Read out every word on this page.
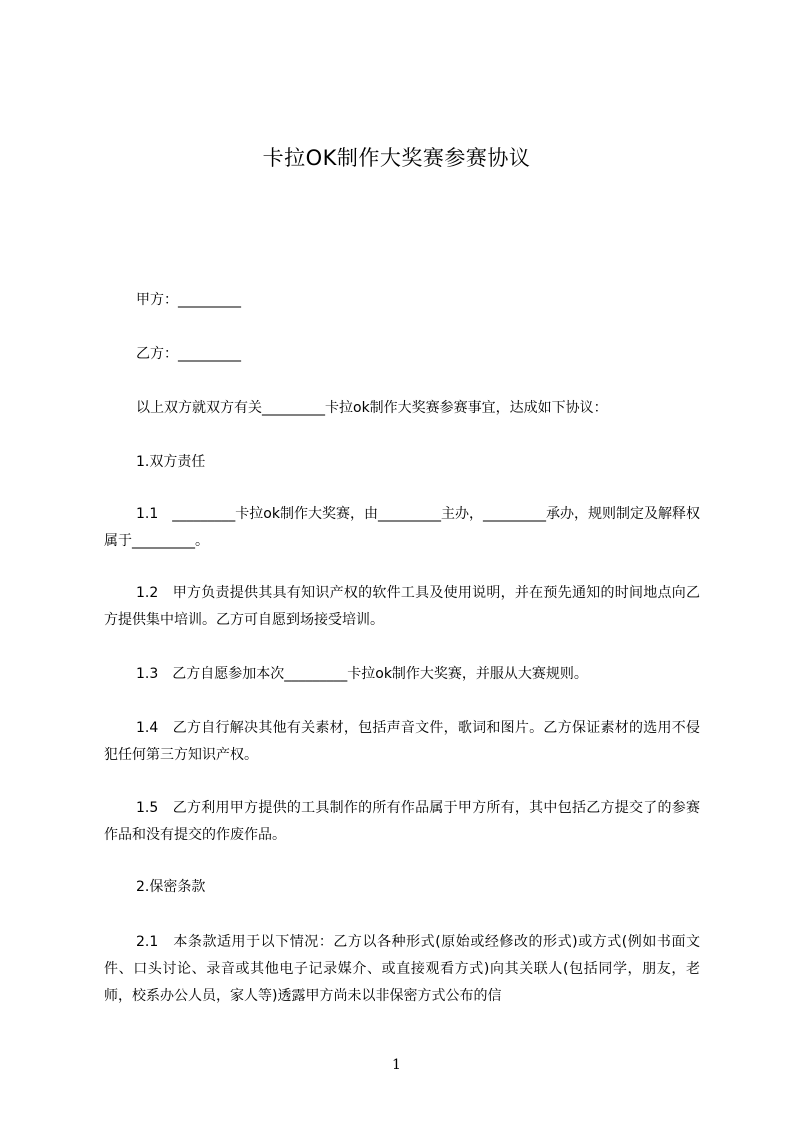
卡拉OK制作大奖赛参赛协议

甲方：_________

乙方：_________

以上双方就双方有关_________卡拉ok制作大奖赛参赛事宜，达成如下协议：

1.双方责任

1.1　_________卡拉ok制作大奖赛，由_________主办，_________承办，规则制定及解释权属于_________。

1.2　甲方负责提供其具有知识产权的软件工具及使用说明，并在预先通知的时间地点向乙方提供集中培训。乙方可自愿到场接受培训。

1.3　乙方自愿参加本次_________卡拉ok制作大奖赛，并服从大赛规则。

1.4　乙方自行解决其他有关素材，包括声音文件，歌词和图片。乙方保证素材的选用不侵犯任何第三方知识产权。

1.5　乙方利用甲方提供的工具制作的所有作品属于甲方所有，其中包括乙方提交了的参赛作品和没有提交的作废作品。

2.保密条款

2.1　本条款适用于以下情况：乙方以各种形式(原始或经修改的形式)或方式(例如书面文件、口头讨论、录音或其他电子记录媒介、或直接观看方式)向其关联人(包括同学，朋友，老师，校系办公人员，家人等)透露甲方尚未以非保密方式公布的信

1
